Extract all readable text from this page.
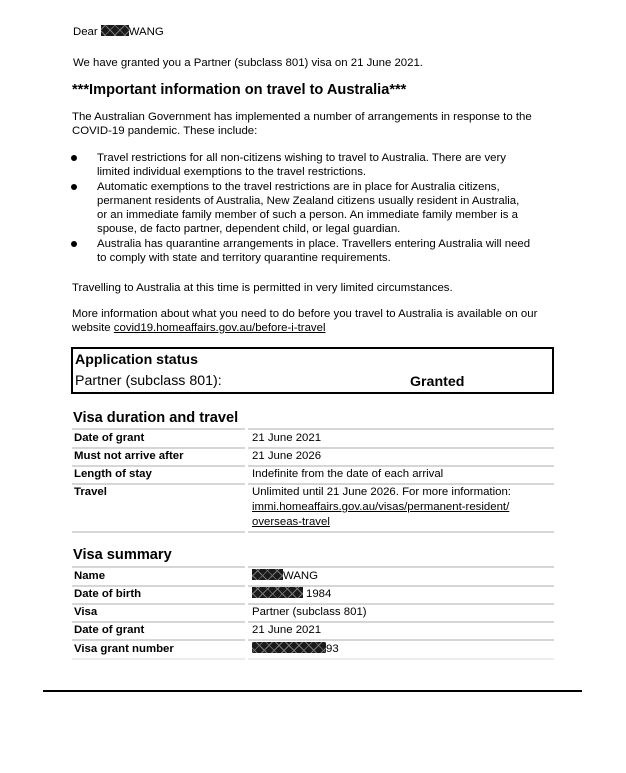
Dear	WANG
We have granted you a Partner (subclass 801) visa on 21 June 2021.
***Important information on travel to Australia***
The Australian Government has implemented a number of arrangements in response to the
COVID-19 pandemic. These include:
Travel restrictions for all non-citizens wishing to travel to Australia. There are very
limited individual exemptions to the travel restrictions.
Automatic exemptions to the travel restrictions are in place for Australia citizens,
permanent residents of Australia, New Zealand citizens usually resident in Australia,
or an immediate family member of such a person. An immediate family member is a
spouse, de facto partner, dependent child, or legal guardian.
Australia has quarantine arrangements in place. Travellers entering Australia will need
to comply with state and territory quarantine requirements.
Travelling to Australia at this time is permitted in very limited circumstances.
More information about what you need to do before you travel to Australia is available on our
website covid19.homeaffairs.gov.au/before-i-travel
Application status
Partner (subclass 801):	Granted
Visa duration and travel
Date of grant	21 June 2021
Must not arrive after	21 June 2026
Length of stay	Indefinite from the date of each arrival
Travel	Unlimited until 21 June 2026. For more information:
immi.homeaffairs.gov.au/visas/permanent-resident/
overseas-travel
Visa summary
Name	WANG
Date of birth	1984
Visa	Partner (subclass 801)
Date of grant	21 June 2021
Visa grant number	93
